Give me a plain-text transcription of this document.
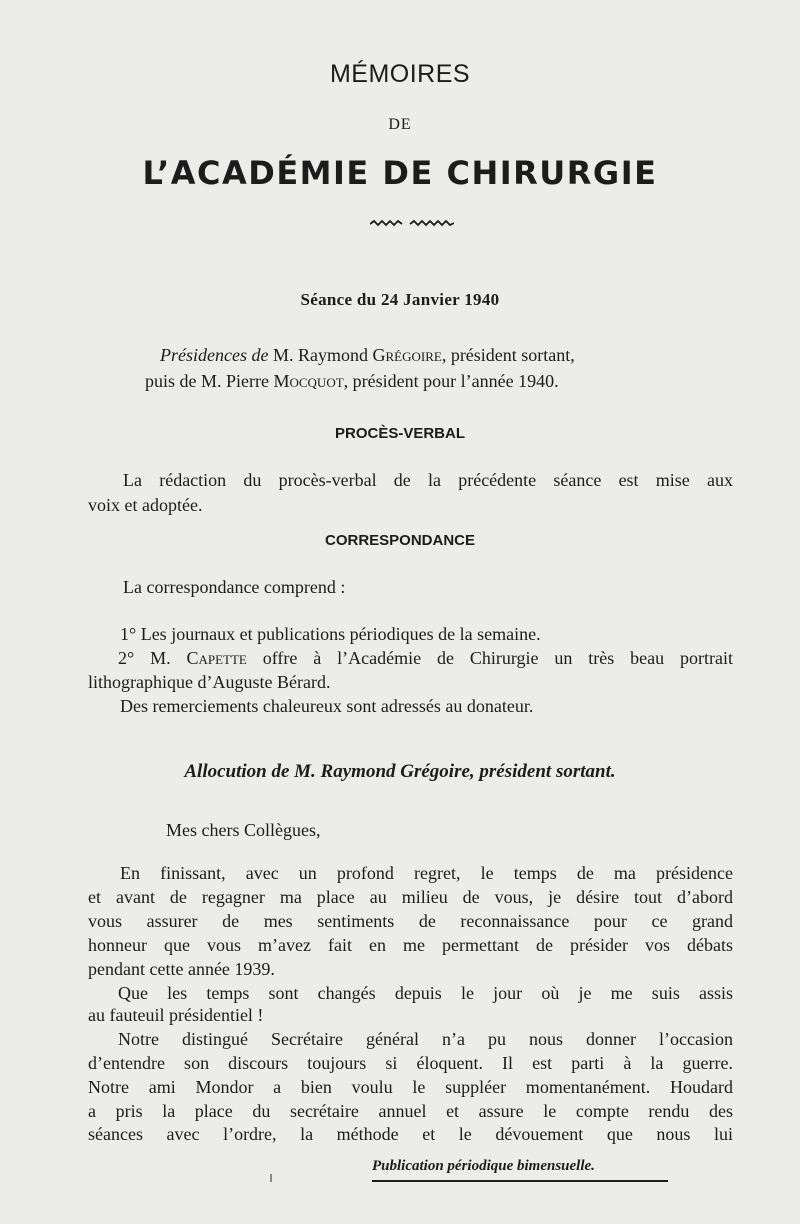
MÉMOIRES
DE
L’ACADÉMIE DE CHIRURGIE
Séance du 24 Janvier 1940
Présidences de M. Raymond Grégoire, président sortant,
puis de M. Pierre Mocquot, président pour l’année 1940.
PROCÈS-VERBAL
La rédaction du procès-verbal de la précédente séance est mise aux
voix et adoptée.
CORRESPONDANCE
La correspondance comprend :
1° Les journaux et publications périodiques de la semaine.
2° M. Capette offre à l’Académie de Chirurgie un très beau portrait
lithographique d’Auguste Bérard.
Des remerciements chaleureux sont adressés au donateur.
Allocution de M. Raymond Grégoire, président sortant.
Mes chers Collègues,
En finissant, avec un profond regret, le temps de ma présidence
et avant de regagner ma place au milieu de vous, je désire tout d’abord
vous assurer de mes sentiments de reconnaissance pour ce grand
honneur que vous m’avez fait en me permettant de présider vos débats
pendant cette année 1939.
Que les temps sont changés depuis le jour où je me suis assis
au fauteuil présidentiel !
Notre distingué Secrétaire général n’a pu nous donner l’occasion
d’entendre son discours toujours si éloquent. Il est parti à la guerre.
Notre ami Mondor a bien voulu le suppléer momentanément. Houdard
a pris la place du secrétaire annuel et assure le compte rendu des
séances avec l’ordre, la méthode et le dévouement que nous lui
Publication périodique bimensuelle.
